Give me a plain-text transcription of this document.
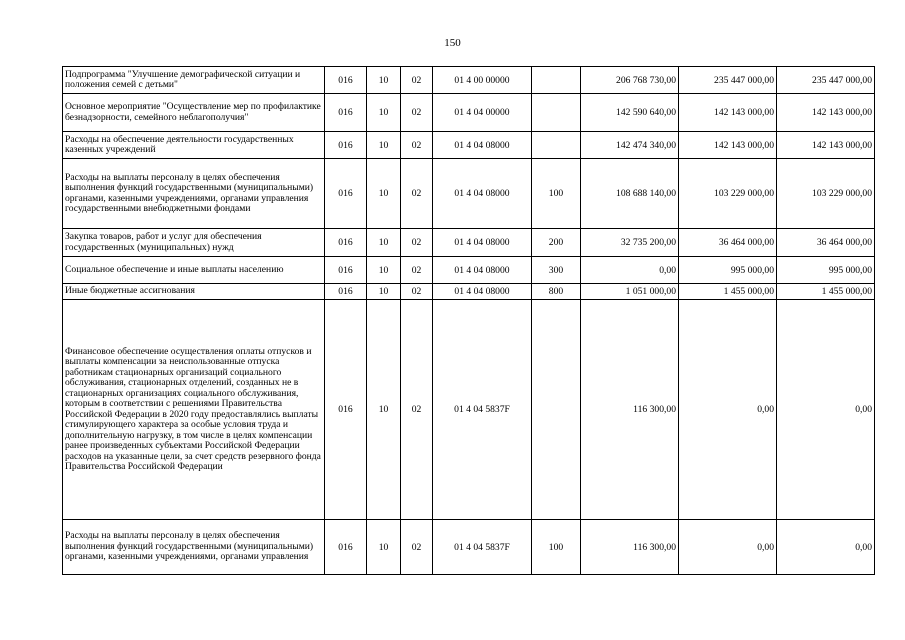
150
Подпрограмма "Улучшение демографической ситуации и положения семей с детьми"	016	10	02	01 4 00 00000		206 768 730,00	235 447 000,00	235 447 000,00
Основное мероприятие "Осуществление мер по профилактике безнадзорности, семейного неблагополучия"	016	10	02	01 4 04 00000		142 590 640,00	142 143 000,00	142 143 000,00
Расходы на обеспечение деятельности государственных казенных учреждений	016	10	02	01 4 04 08000		142 474 340,00	142 143 000,00	142 143 000,00
Расходы на выплаты персоналу в целях обеспечения выполнения функций государственными (муниципальными) органами, казенными учреждениями, органами управления государственными внебюджетными фондами	016	10	02	01 4 04 08000	100	108 688 140,00	103 229 000,00	103 229 000,00
Закупка товаров, работ и услуг для обеспечения государственных (муниципальных) нужд	016	10	02	01 4 04 08000	200	32 735 200,00	36 464 000,00	36 464 000,00
Социальное обеспечение и иные выплаты населению	016	10	02	01 4 04 08000	300	0,00	995 000,00	995 000,00
Иные бюджетные ассигнования	016	10	02	01 4 04 08000	800	1 051 000,00	1 455 000,00	1 455 000,00
Финансовое обеспечение осуществления оплаты отпусков и выплаты компенсации за неиспользованные отпуска работникам стационарных организаций социального обслуживания, стационарных отделений, созданных не в стационарных организациях социального обслуживания, которым в соответствии с решениями Правительства Российской Федерации в 2020 году предоставлялись выплаты стимулирующего характера за особые условия труда и дополнительную нагрузку, в том числе в целях компенсации ранее произведенных субъектами Российской Федерации расходов на указанные цели, за счет средств резервного фонда Правительства Российской Федерации	016	10	02	01 4 04 5837F		116 300,00	0,00	0,00
Расходы на выплаты персоналу в целях обеспечения выполнения функций государственными (муниципальными) органами, казенными учреждениями, органами управления	016	10	02	01 4 04 5837F	100	116 300,00	0,00	0,00
